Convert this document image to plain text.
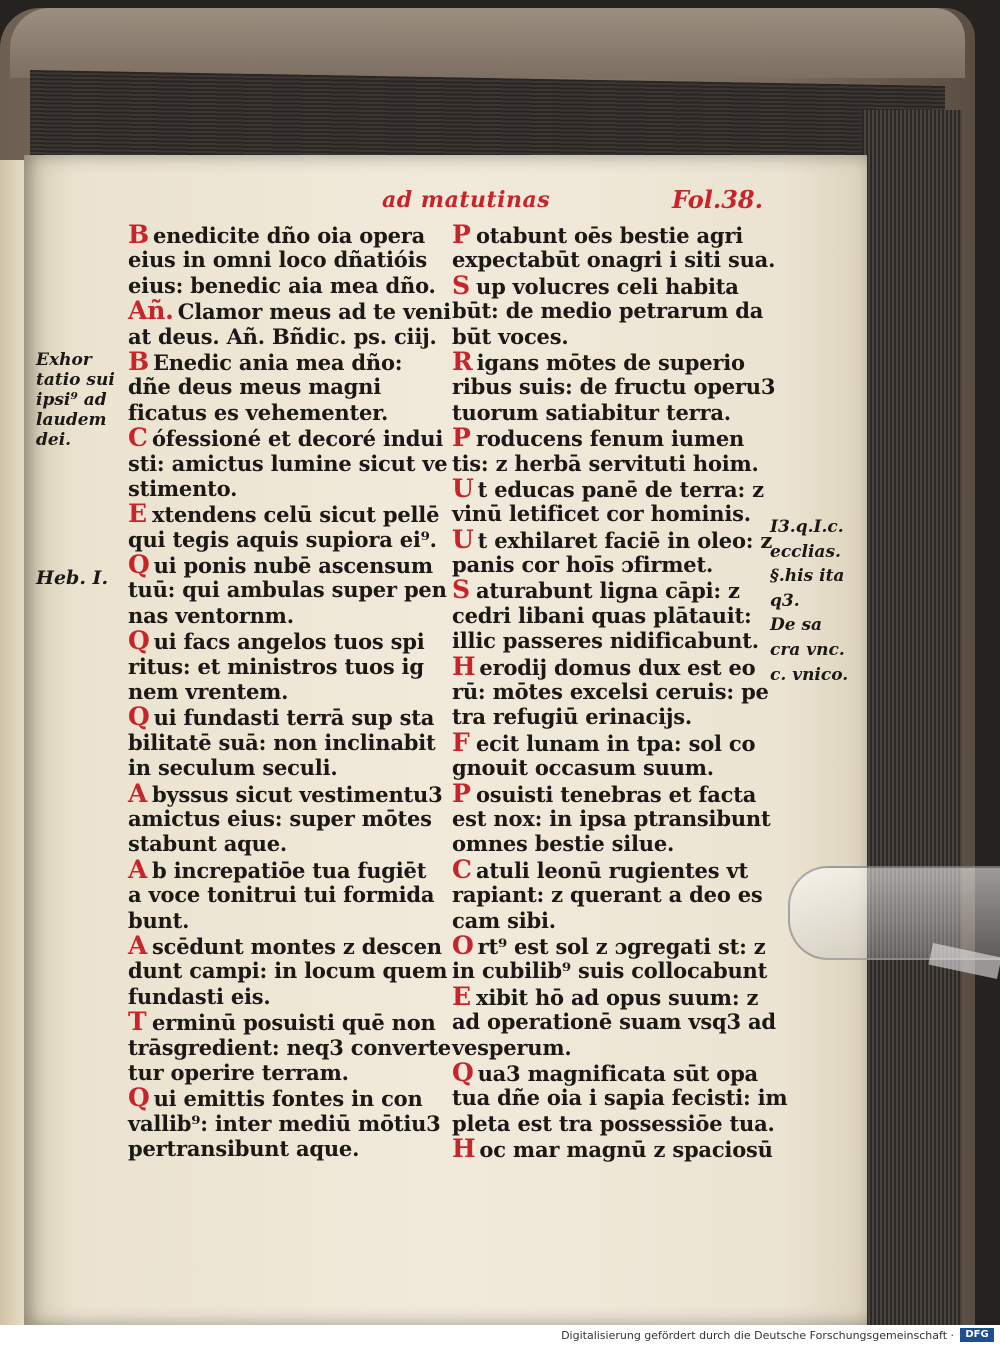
ad matutinas	Fol.38.
B enedicite dño oia opera
eius in omni loco dñatióis
eius: benedic aia mea dño.
Añ. Clamor meus ad te veni
at deus. Añ. Bñdic. ps. ciij.
B Enedic ania mea dño:
dñe deus meus magni
ficatus es vehementer.
C ófessioné et decoré indui
sti: amictus lumine sicut ve
stimento.
E xtendens celū sicut pellē
qui tegis aquis supiora ei⁹.
Q ui ponis nubē ascensum
tuū: qui ambulas super pen
nas ventornm.
Q ui facs angelos tuos spi
ritus: et ministros tuos ig
nem vrentem.
Q ui fundasti terrā sup sta
bilitatē suā: non inclinabit
in seculum seculi.
A byssus sicut vestimentu3
amictus eius: super mōtes
stabunt aque.
A b increpatiōe tua fugiēt
a voce tonitrui tui formida
bunt.
A scēdunt montes z descen
dunt campi: in locum quem
fundasti eis.
T erminū posuisti quē non
trāsgredient: neq3 converte
tur operire terram.
Q ui emittis fontes in con
vallib⁹: inter mediū mōtiu3
pertransibunt aque.
P otabunt oēs bestie agri
expectabūt onagri i siti sua.
S up volucres celi habita
būt: de medio petrarum da
būt voces.
R igans mōtes de superio
ribus suis: de fructu operu3
tuorum satiabitur terra.
P roducens fenum iumen
tis: z herbā servituti hoim.
U t educas panē de terra: z
vinū letificet cor hominis.
U t exhilaret faciē in oleo: z
panis cor hoīs ɔfirmet.
S aturabunt ligna cāpi: z
cedri libani quas plātauit:
illic passeres nidificabunt.
H erodij domus dux est eo
rū: mōtes excelsi ceruis: pe
tra refugiū erinacijs.
F ecit lunam in tpa: sol co
gnouit occasum suum.
P osuisti tenebras et facta
est nox: in ipsa ptransibunt
omnes bestie silue.
C atuli leonū rugientes vt
rapiant: z querant a deo es
cam sibi.
O rt⁹ est sol z ɔgregati st: z
in cubilib⁹ suis collocabunt
E xibit hō ad opus suum: z
ad operationē suam vsq3 ad
vesperum.
Q ua3 magnificata sūt opa
tua dñe oia i sapia fecisti: im
pleta est tra possessiōe tua.
H oc mar magnū z spaciosū
Exhor
tatio sui
ipsi⁹ ad
laudem
dei.
Heb. I.
I3.q.I.c.
ecclias.
§.his ita
q3.
De sa
cra vnc.
c. vnico.
Digitalisierung gefördert durch die Deutsche Forschungsgemeinschaft ·	DFG
